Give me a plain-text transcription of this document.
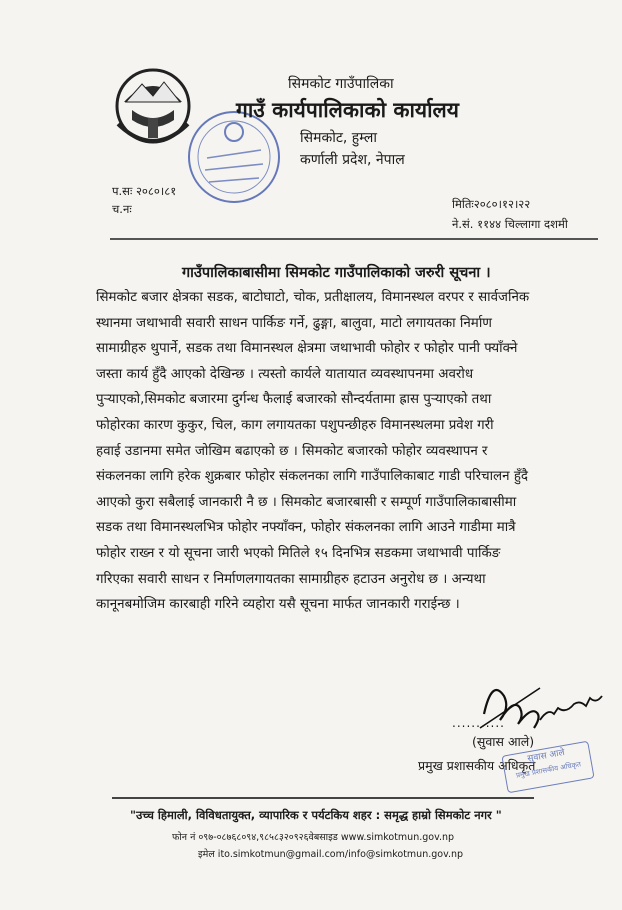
सिमकोट गाउँपालिका
गाउँ कार्यपालिकाको कार्यालय
सिमकोट, हुम्ला
कर्णाली प्रदेश, नेपाल
प.सः २०८०।८१
च.नः	मितिः२०८०।१२।२२
ने.सं. ११४४ चिल्लागा दशमी
गाउँपालिकाबासीमा सिमकोट गाउँपालिकाको जरुरी सूचना ।
सिमकोट बजार क्षेत्रका सडक, बाटोघाटो, चोक, प्रतीक्षालय, विमानस्थल वरपर र सार्वजनिक
स्थानमा जथाभावी सवारी साधन पार्किङ गर्ने, ढुङ्गा, बालुवा, माटो लगायतका निर्माण
सामाग्रीहरु थुपार्ने, सडक तथा विमानस्थल क्षेत्रमा जथाभावी फोहोर र फोहोर पानी फ्याँक्ने
जस्ता कार्य हुँदै आएको देखिन्छ । त्यस्तो कार्यले यातायात व्यवस्थापनमा अवरोध
पुऱ्याएको,सिमकोट बजारमा दुर्गन्ध फैलाई बजारको सौन्दर्यतामा ह्रास पुऱ्याएको तथा
फोहोरका कारण कुकुर, चिल, काग लगायतका पशुपन्छीहरु विमानस्थलमा प्रवेश गरी
हवाई उडानमा समेत जोखिम बढाएको छ । सिमकोट बजारको फोहोर व्यवस्थापन र
संकलनका लागि हरेक शुक्रबार फोहोर संकलनका लागि गाउँपालिकाबाट गाडी परिचालन हुँदै
आएको कुरा सबैलाई जानकारी नै छ । सिमकोट बजारबासी र सम्पूर्ण गाउँपालिकाबासीमा
सडक तथा विमानस्थलभित्र फोहोर नफ्याँक्न, फोहोर संकलनका लागि आउने गाडीमा मात्रै
फोहोर राख्न र यो सूचना जारी भएको मितिले १५ दिनभित्र सडकमा जथाभावी पार्किङ
गरिएका सवारी साधन र निर्माणलगायतका सामाग्रीहरु हटाउन अनुरोध छ । अन्यथा
कानूनबमोजिम कारबाही गरिने व्यहोरा यसै सूचना मार्फत जानकारी गराईन्छ ।
...........
(सुवास आले)
प्रमुख प्रशासकीय अधिकृत
सुवास आले
प्रमुख प्रशासकीय अधिकृत
"उच्च हिमाली, विविधतायुक्त, व्यापारिक र पर्यटकिय शहर : समृद्ध हाम्रो सिमकोट नगर "
फोन नं ०९७-०८७६८०९४,९८५८३२०९२६वेबसाइड www.simkotmun.gov.np
इमेल ito.simkotmun@gmail.com/info@simkotmun.gov.np
